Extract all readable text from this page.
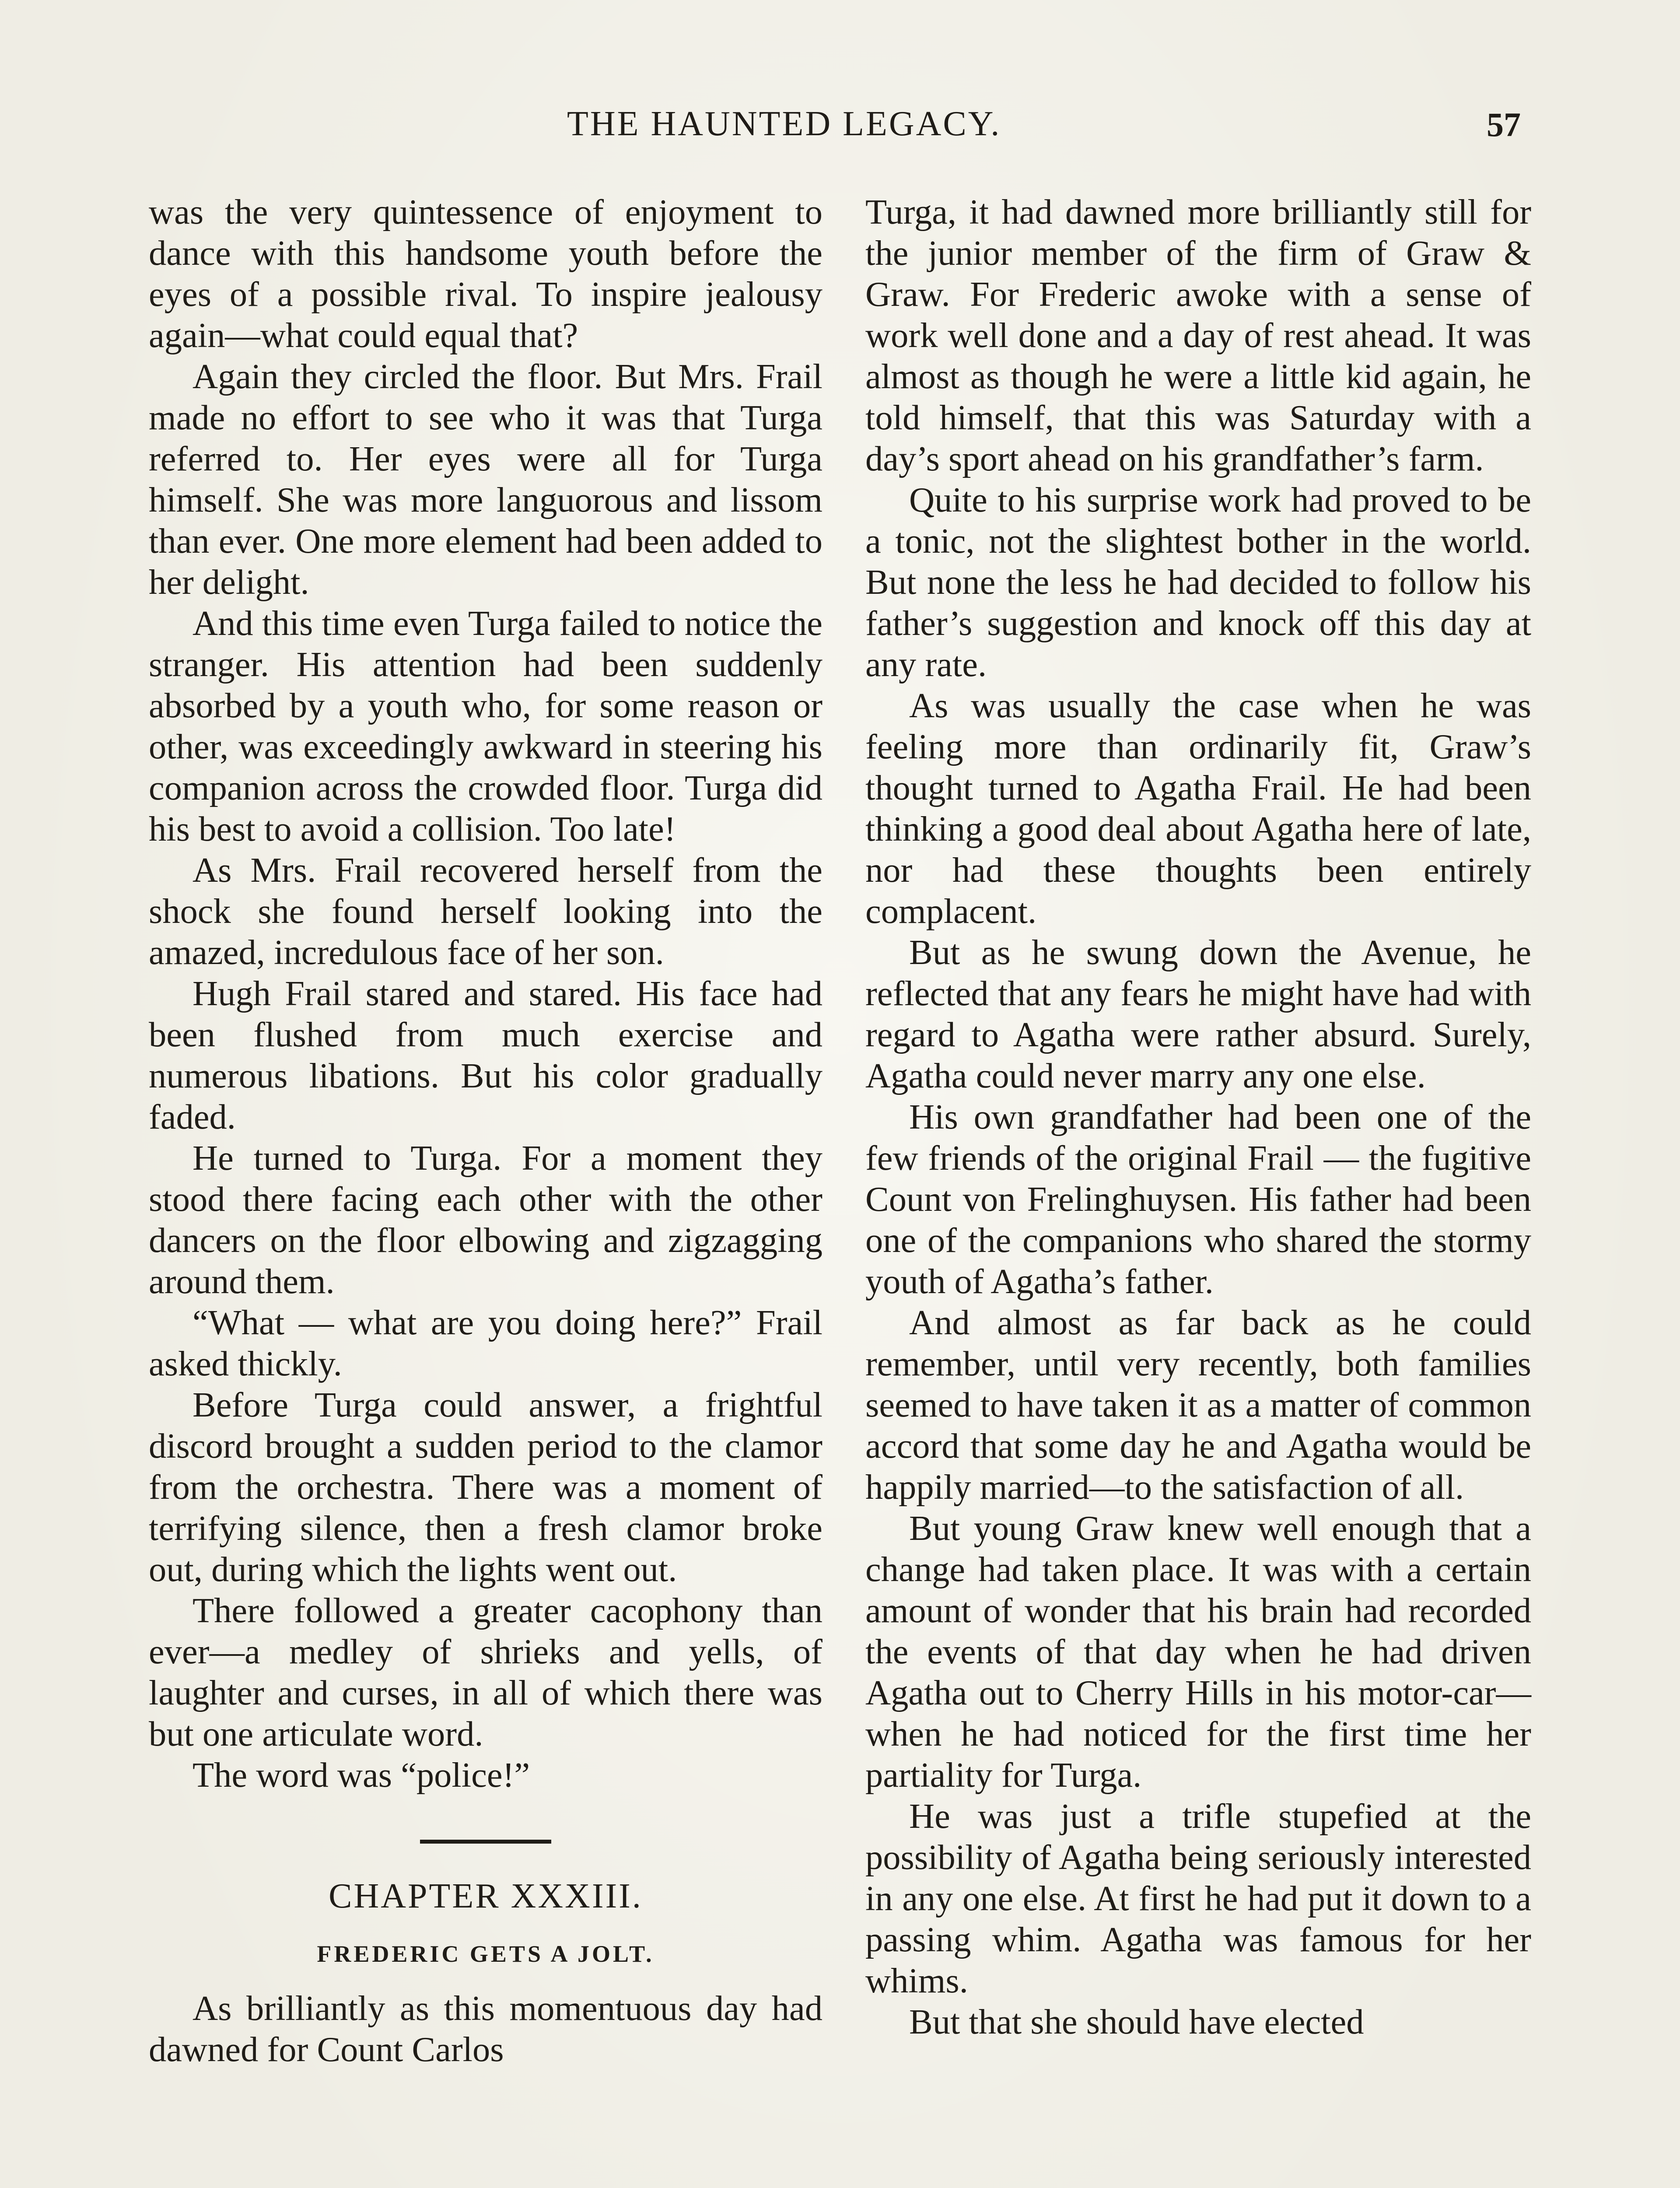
THE HAUNTED LEGACY.	57

was the very quintessence of enjoyment to dance with this handsome youth before the eyes of a possible rival. To inspire jealousy again—what could equal that?

Again they circled the floor. But Mrs. Frail made no effort to see who it was that Turga referred to. Her eyes were all for Turga himself. She was more languorous and lissom than ever. One more element had been added to her delight.

And this time even Turga failed to notice the stranger. His attention had been suddenly absorbed by a youth who, for some reason or other, was exceedingly awkward in steering his companion across the crowded floor. Turga did his best to avoid a collision. Too late!

As Mrs. Frail recovered herself from the shock she found herself looking into the amazed, incredulous face of her son.

Hugh Frail stared and stared. His face had been flushed from much exercise and numerous libations. But his color gradually faded.

He turned to Turga. For a moment they stood there facing each other with the other dancers on the floor elbowing and zigzagging around them.

“What — what are you doing here?” Frail asked thickly.

Before Turga could answer, a frightful discord brought a sudden period to the clamor from the orchestra. There was a moment of terrifying silence, then a fresh clamor broke out, during which the lights went out.

There followed a greater cacophony than ever—a medley of shrieks and yells, of laughter and curses, in all of which there was but one articulate word.

The word was “police!”

CHAPTER XXXIII.
FREDERIC GETS A JOLT.

As brilliantly as this momentuous day had dawned for Count Carlos

Turga, it had dawned more brilliantly still for the junior member of the firm of Graw & Graw. For Frederic awoke with a sense of work well done and a day of rest ahead. It was almost as though he were a little kid again, he told himself, that this was Saturday with a day’s sport ahead on his grandfather’s farm.

Quite to his surprise work had proved to be a tonic, not the slightest bother in the world. But none the less he had decided to follow his father’s suggestion and knock off this day at any rate.

As was usually the case when he was feeling more than ordinarily fit, Graw’s thought turned to Agatha Frail. He had been thinking a good deal about Agatha here of late, nor had these thoughts been entirely complacent.

But as he swung down the Avenue, he reflected that any fears he might have had with regard to Agatha were rather absurd. Surely, Agatha could never marry any one else.

His own grandfather had been one of the few friends of the original Frail — the fugitive Count von Frelinghuysen. His father had been one of the companions who shared the stormy youth of Agatha’s father.

And almost as far back as he could remember, until very recently, both families seemed to have taken it as a matter of common accord that some day he and Agatha would be happily married—to the satisfaction of all.

But young Graw knew well enough that a change had taken place. It was with a certain amount of wonder that his brain had recorded the events of that day when he had driven Agatha out to Cherry Hills in his motor-car—when he had noticed for the first time her partiality for Turga.

He was just a trifle stupefied at the possibility of Agatha being seriously interested in any one else. At first he had put it down to a passing whim. Agatha was famous for her whims.

But that she should have elected
